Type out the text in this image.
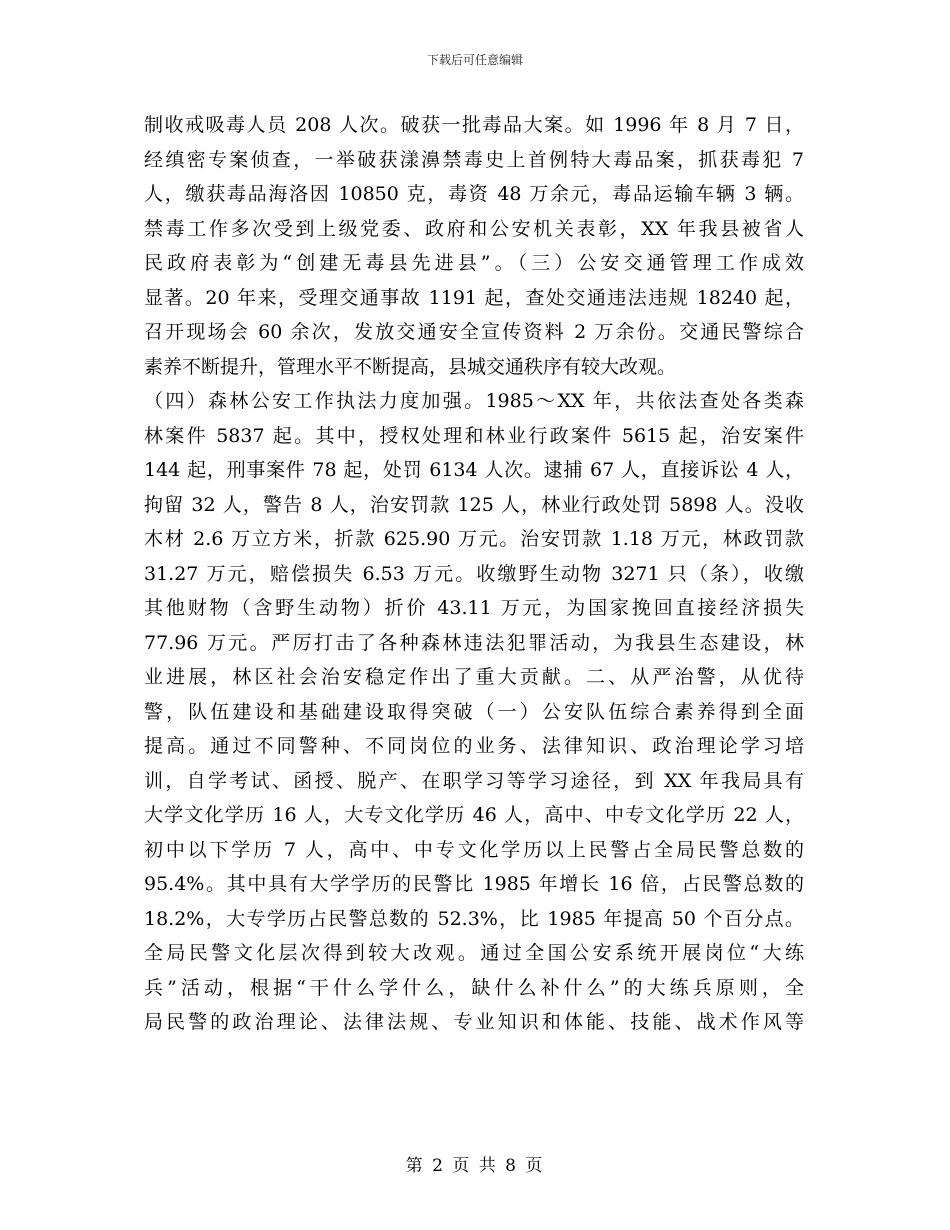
下载后可任意编辑
制收戒吸毒人员 208 人次。破获一批毒品大案。如 1996 年 8 月 7 日，
经缜密专案侦查，一举破获漾濞禁毒史上首例特大毒品案，抓获毒犯 7
人，缴获毒品海洛因 10850 克，毒资 48 万余元，毒品运输车辆 3 辆。
禁毒工作多次受到上级党委、政府和公安机关表彰，XX 年我县被省人
民政府表彰为“创建无毒县先进县”。（三）公安交通管理工作成效
显著。20 年来，受理交通事故 1191 起，查处交通违法违规 18240 起，
召开现场会 60 余次，发放交通安全宣传资料 2 万余份。交通民警综合
素养不断提升，管理水平不断提高，县城交通秩序有较大改观。
（四）森林公安工作执法力度加强。1985～XX 年，共依法查处各类森
林案件 5837 起。其中，授权处理和林业行政案件 5615 起，治安案件
144 起，刑事案件 78 起，处罚 6134 人次。逮捕 67 人，直接诉讼 4 人，
拘留 32 人，警告 8 人，治安罚款 125 人，林业行政处罚 5898 人。没收
木材 2.6 万立方米，折款 625.90 万元。治安罚款 1.18 万元，林政罚款
31.27 万元，赔偿损失 6.53 万元。收缴野生动物 3271 只（条），收缴
其他财物（含野生动物）折价 43.11 万元，为国家挽回直接经济损失
77.96 万元。严厉打击了各种森林违法犯罪活动，为我县生态建设，林
业进展，林区社会治安稳定作出了重大贡献。二、从严治警，从优待
警，队伍建设和基础建设取得突破（一）公安队伍综合素养得到全面
提高。通过不同警种、不同岗位的业务、法律知识、政治理论学习培
训，自学考试、函授、脱产、在职学习等学习途径，到 XX 年我局具有
大学文化学历 16 人，大专文化学历 46 人，高中、中专文化学历 22 人，
初中以下学历 7 人，高中、中专文化学历以上民警占全局民警总数的
95.4%。其中具有大学学历的民警比 1985 年增长 16 倍，占民警总数的
18.2%，大专学历占民警总数的 52.3%，比 1985 年提高 50 个百分点。
全局民警文化层次得到较大改观。通过全国公安系统开展岗位“大练
兵”活动，根据“干什么学什么，缺什么补什么”的大练兵原则，全
局民警的政治理论、法律法规、专业知识和体能、技能、战术作风等
第 2 页 共 8 页
